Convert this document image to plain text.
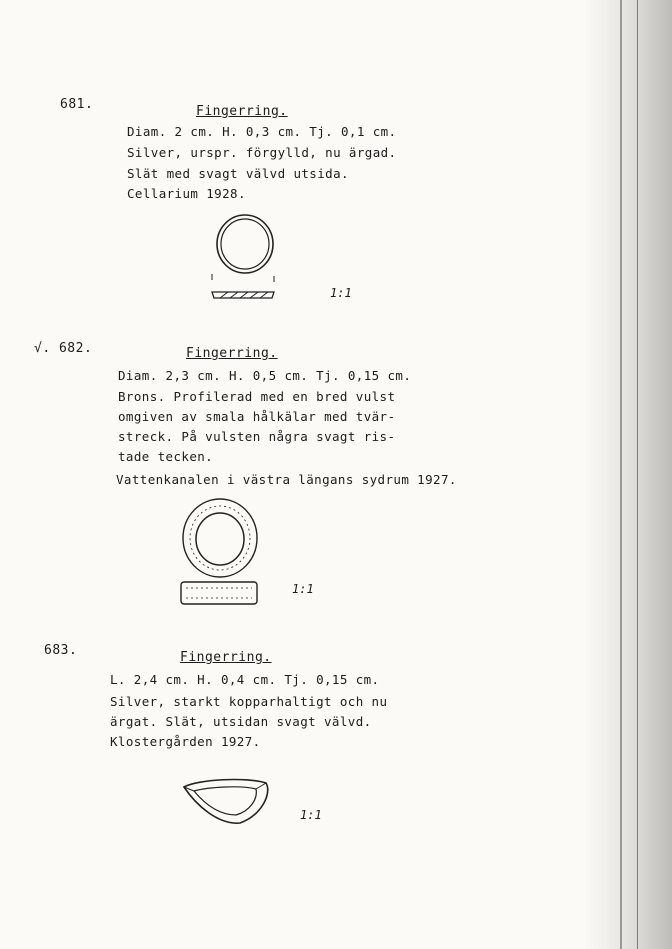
681.	Fingerring.
Diam. 2 cm. H. 0,3 cm. Tj. 0,1 cm.
Silver, urspr. förgylld, nu ärgad.
Slät med svagt välvd utsida.
Cellarium 1928.
1:1
√. 682.	Fingerring.
Diam. 2,3 cm. H. 0,5 cm. Tj. 0,15 cm.
Brons. Profilerad med en bred vulst
omgiven av smala hålkälar med tvär-
streck. På vulsten några svagt ris-
tade tecken.
Vattenkanalen i västra längans sydrum 1927.
1:1
683.	Fingerring.
L. 2,4 cm. H. 0,4 cm. Tj. 0,15 cm.
Silver, starkt kopparhaltigt och nu
ärgat. Slät, utsidan svagt välvd.
Klostergården 1927.
1:1
